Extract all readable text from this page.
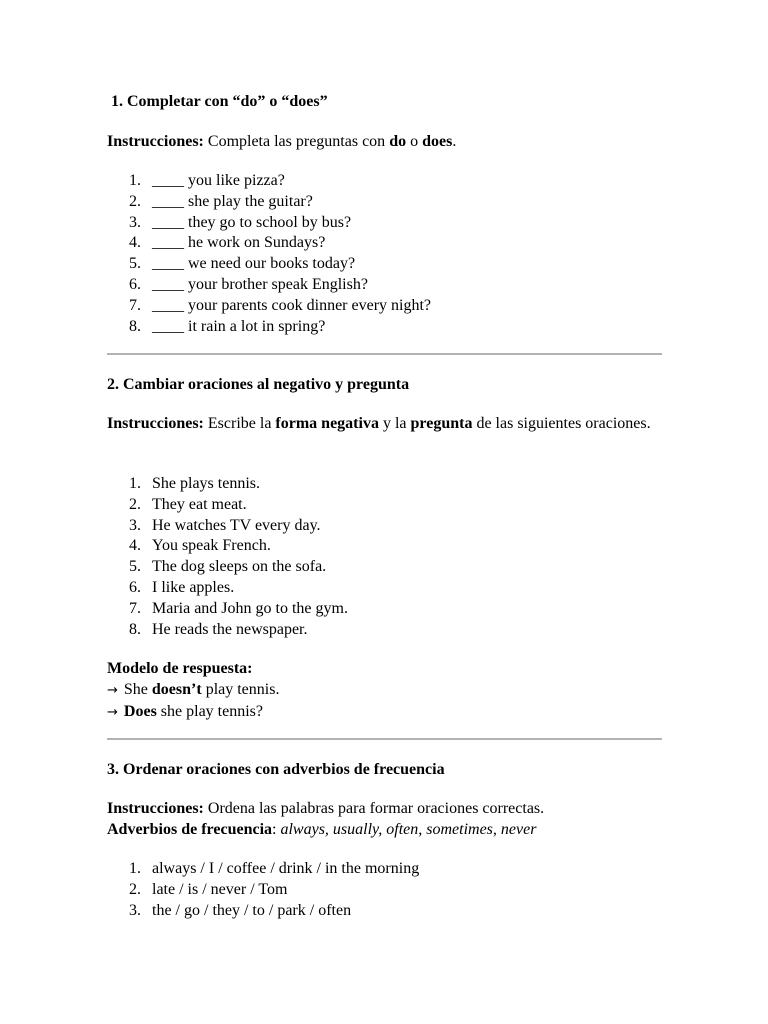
1. Completar con “do” o “does”
Instrucciones: Completa las preguntas con do o does.
1. ____ you like pizza?
2. ____ she play the guitar?
3. ____ they go to school by bus?
4. ____ he work on Sundays?
5. ____ we need our books today?
6. ____ your brother speak English?
7. ____ your parents cook dinner every night?
8. ____ it rain a lot in spring?
2. Cambiar oraciones al negativo y pregunta
Instrucciones: Escribe la forma negativa y la pregunta de las siguientes oraciones.
1. She plays tennis.
2. They eat meat.
3. He watches TV every day.
4. You speak French.
5. The dog sleeps on the sofa.
6. I like apples.
7. Maria and John go to the gym.
8. He reads the newspaper.
Modelo de respuesta:
→ She doesn’t play tennis.
→ Does she play tennis?
3. Ordenar oraciones con adverbios de frecuencia
Instrucciones: Ordena las palabras para formar oraciones correctas.
Adverbios de frecuencia: always, usually, often, sometimes, never
1. always / I / coffee / drink / in the morning
2. late / is / never / Tom
3. the / go / they / to / park / often
